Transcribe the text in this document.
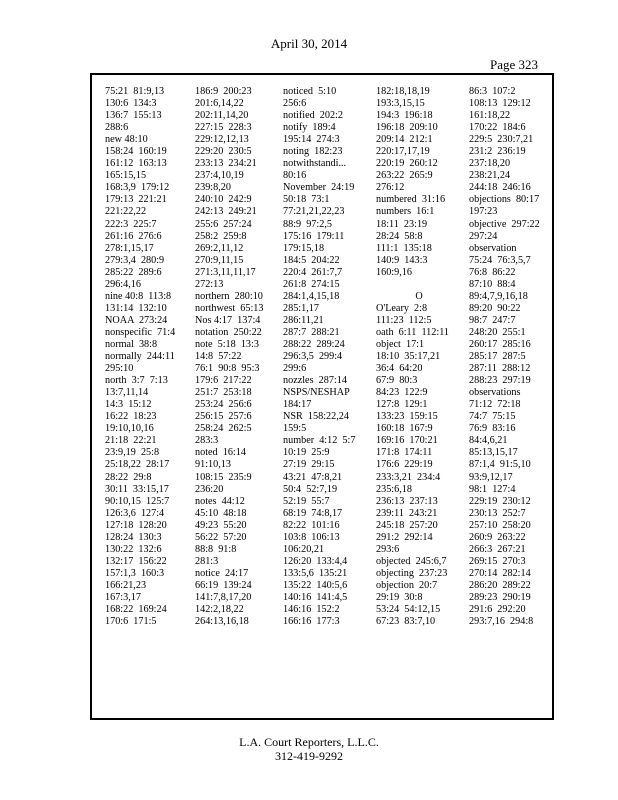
April 30, 2014
Page 323
75:21  81:9,13
130:6  134:3
136:7  155:13
288:6
new 48:10
158:24  160:19
161:12  163:13
165:15,15
168:3,9  179:12
179:13  221:21
221:22,22
222:3  225:7
261:16  276:6
278:1,15,17
279:3,4  280:9
285:22  289:6
296:4,16
nine 40:8  113:8
131:14  132:10
NOAA  273:24
nonspecific  71:4
normal  38:8
normally  244:11
295:10
north  3:7  7:13
13:7,11,14
14:3  15:12
16:22  18:23
19:10,10,16
21:18  22:21
23:9,19  25:8
25:18,22  28:17
28:22  29:8
30:11  33:15,17
90:10,15  125:7
126:3,6  127:4
127:18  128:20
128:24  130:3
130:22  132:6
132:17  156:22
157:1,3  160:3
166:21,23
167:3,17
168:22  169:24
170:6  171:5
186:9  200:23
201:6,14,22
202:11,14,20
227:15  228:3
229:12,12,13
229:20  230:5
233:13  234:21
237:4,10,19
239:8,20
240:10  242:9
242:13  249:21
255:6  257:24
258:2  259:8
269:2,11,12
270:9,11,15
271:3,11,11,17
272:13
northern  280:10
northwest  65:13
Nos 4:17  137:4
notation  250:22
note  5:18  13:3
14:8  57:22
76:1  90:8  95:3
179:6  217:22
251:7  253:18
253:24  256:6
256:15  257:6
258:24  262:5
283:3
noted  16:14
91:10,13
108:15  235:9
236:20
notes  44:12
45:10  48:18
49:23  55:20
56:22  57:20
88:8  91:8
281:3
notice  24:17
66:19  139:24
141:7,8,17,20
142:2,18,22
264:13,16,18
noticed  5:10
256:6
notified  202:2
notify  189:4
195:14  274:3
noting  182:23
notwithstandi...
80:16
November  24:19
50:18  73:1
77:21,21,22,23
88:9  97:2,5
175:16  179:11
179:15,18
184:5  204:22
220:4  261:7,7
261:8  274:15
284:1,4,15,18
285:1,17
286:11,21
287:7  288:21
288:22  289:24
296:3,5  299:4
299:6
nozzles  287:14
NSPS/NESHAP
184:17
NSR  158:22,24
159:5
number  4:12  5:7
10:19  25:9
27:19  29:15
43:21  47:8,21
50:4  52:7,19
52:19  55:7
68:19  74:8,17
82:22  101:16
103:8  106:13
106:20,21
126:20  133:4,4
133:5,6  135:21
135:22  140:5,6
140:16  141:4,5
146:16  152:2
166:16  177:3
182:18,18,19
193:3,15,15
194:3  196:18
196:18  209:10
209:14  212:1
220:17,17,19
220:19  260:12
263:22  265:9
276:12
numbered  31:16
numbers  16:1
18:11  23:19
28:24  58:8
111:1  135:18
140:9  143:3
160:9,16
O
O'Leary  2:8
111:23  112:5
oath  6:11  112:11
object  17:1
18:10  35:17,21
36:4  64:20
67:9  80:3
84:23  122:9
127:8  129:1
133:23  159:15
160:18  167:9
169:16  170:21
171:8  174:11
176:6  229:19
233:3,21  234:4
235:6,18
236:13  237:13
239:11  243:21
245:18  257:20
291:2  292:14
293:6
objected  245:6,7
objecting  237:23
objection  20:7
29:19  30:8
53:24  54:12,15
67:23  83:7,10
86:3  107:2
108:13  129:12
161:18,22
170:22  184:6
229:5  230:7,21
231:2  236:19
237:18,20
238:21,24
244:18  246:16
objections  80:17
197:23
objective  297:22
297:24
observation
75:24  76:3,5,7
76:8  86:22
87:10  88:4
89:4,7,9,16,18
89:20  90:22
98:7  247:7
248:20  255:1
260:17  285:16
285:17  287:5
287:11  288:12
288:23  297:19
observations
71:12  72:18
74:7  75:15
76:9  83:16
84:4,6,21
85:13,15,17
87:1,4  91:5,10
93:9,12,17
98:1  127:4
229:19  230:12
230:13  252:7
257:10  258:20
260:9  263:22
266:3  267:21
269:15  270:3
270:14  282:14
286:20  289:22
289:23  290:19
291:6  292:20
293:7,16  294:8
L.A. Court Reporters, L.L.C.
312-419-9292
